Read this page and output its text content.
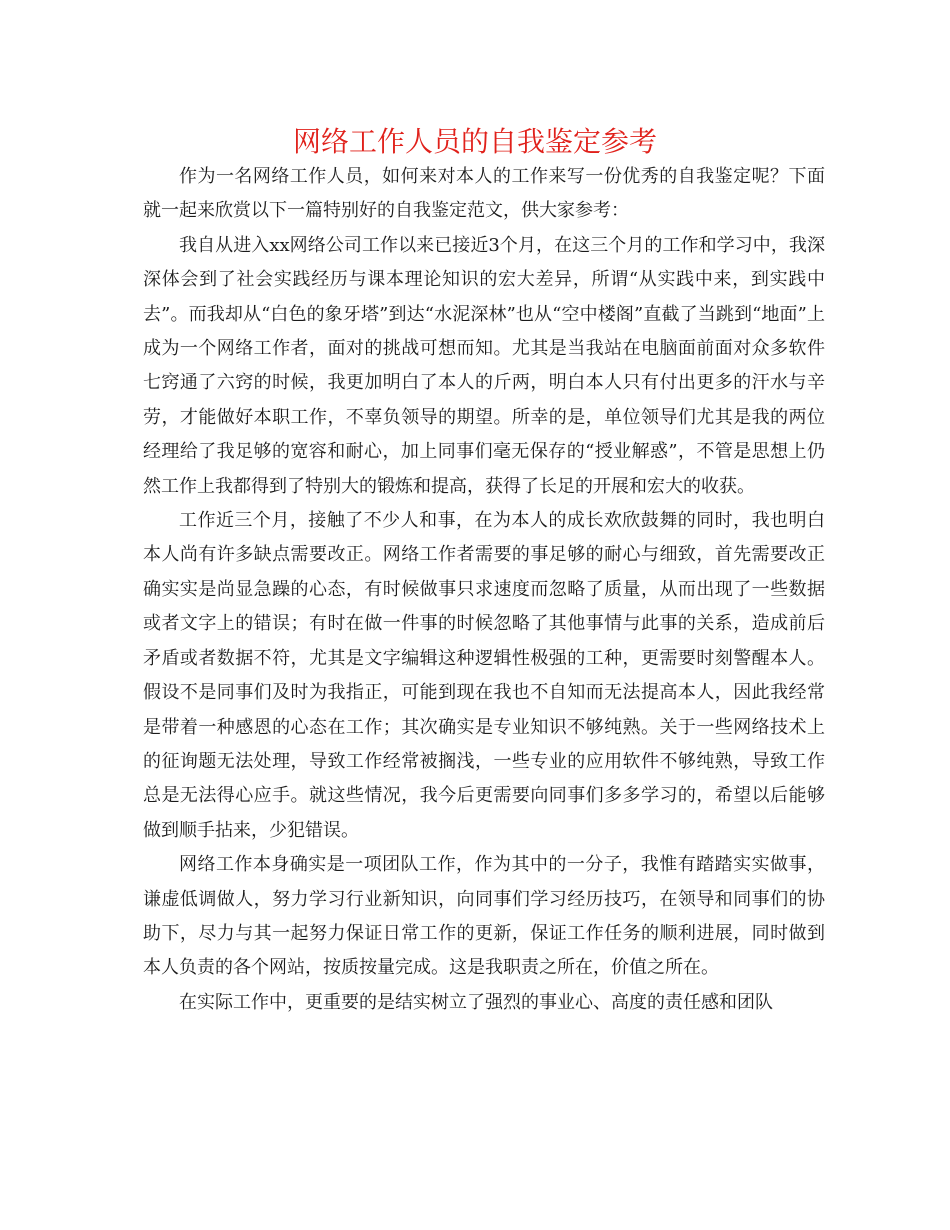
网络工作人员的自我鉴定参考

作为一名网络工作人员，如何来对本人的工作来写一份优秀的自我鉴定呢？下面就一起来欣赏以下一篇特别好的自我鉴定范文，供大家参考：

我自从进入xx网络公司工作以来已接近3个月，在这三个月的工作和学习中，我深深体会到了社会实践经历与课本理论知识的宏大差异，所谓“从实践中来，到实践中去”。而我却从“白色的象牙塔”到达“水泥深林”也从“空中楼阁”直截了当跳到“地面”上成为一个网络工作者，面对的挑战可想而知。尤其是当我站在电脑面前面对众多软件七窍通了六窍的时候，我更加明白了本人的斤两，明白本人只有付出更多的汗水与辛劳，才能做好本职工作，不辜负领导的期望。所幸的是，单位领导们尤其是我的两位经理给了我足够的宽容和耐心，加上同事们毫无保存的“授业解惑”，不管是思想上仍然工作上我都得到了特别大的锻炼和提高，获得了长足的开展和宏大的收获。

工作近三个月，接触了不少人和事，在为本人的成长欢欣鼓舞的同时，我也明白本人尚有许多缺点需要改正。网络工作者需要的事足够的耐心与细致，首先需要改正确实实是尚显急躁的心态，有时候做事只求速度而忽略了质量，从而出现了一些数据或者文字上的错误；有时在做一件事的时候忽略了其他事情与此事的关系，造成前后矛盾或者数据不符，尤其是文字编辑这种逻辑性极强的工种，更需要时刻警醒本人。假设不是同事们及时为我指正，可能到现在我也不自知而无法提高本人，因此我经常是带着一种感恩的心态在工作；其次确实是专业知识不够纯熟。关于一些网络技术上的征询题无法处理，导致工作经常被搁浅，一些专业的应用软件不够纯熟，导致工作总是无法得心应手。就这些情况，我今后更需要向同事们多多学习的，希望以后能够做到顺手拈来，少犯错误。

网络工作本身确实是一项团队工作，作为其中的一分子，我惟有踏踏实实做事，谦虚低调做人，努力学习行业新知识，向同事们学习经历技巧，在领导和同事们的协助下，尽力与其一起努力保证日常工作的更新，保证工作任务的顺利进展，同时做到本人负责的各个网站，按质按量完成。这是我职责之所在，价值之所在。

在实际工作中，更重要的是结实树立了强烈的事业心、高度的责任感和团队
